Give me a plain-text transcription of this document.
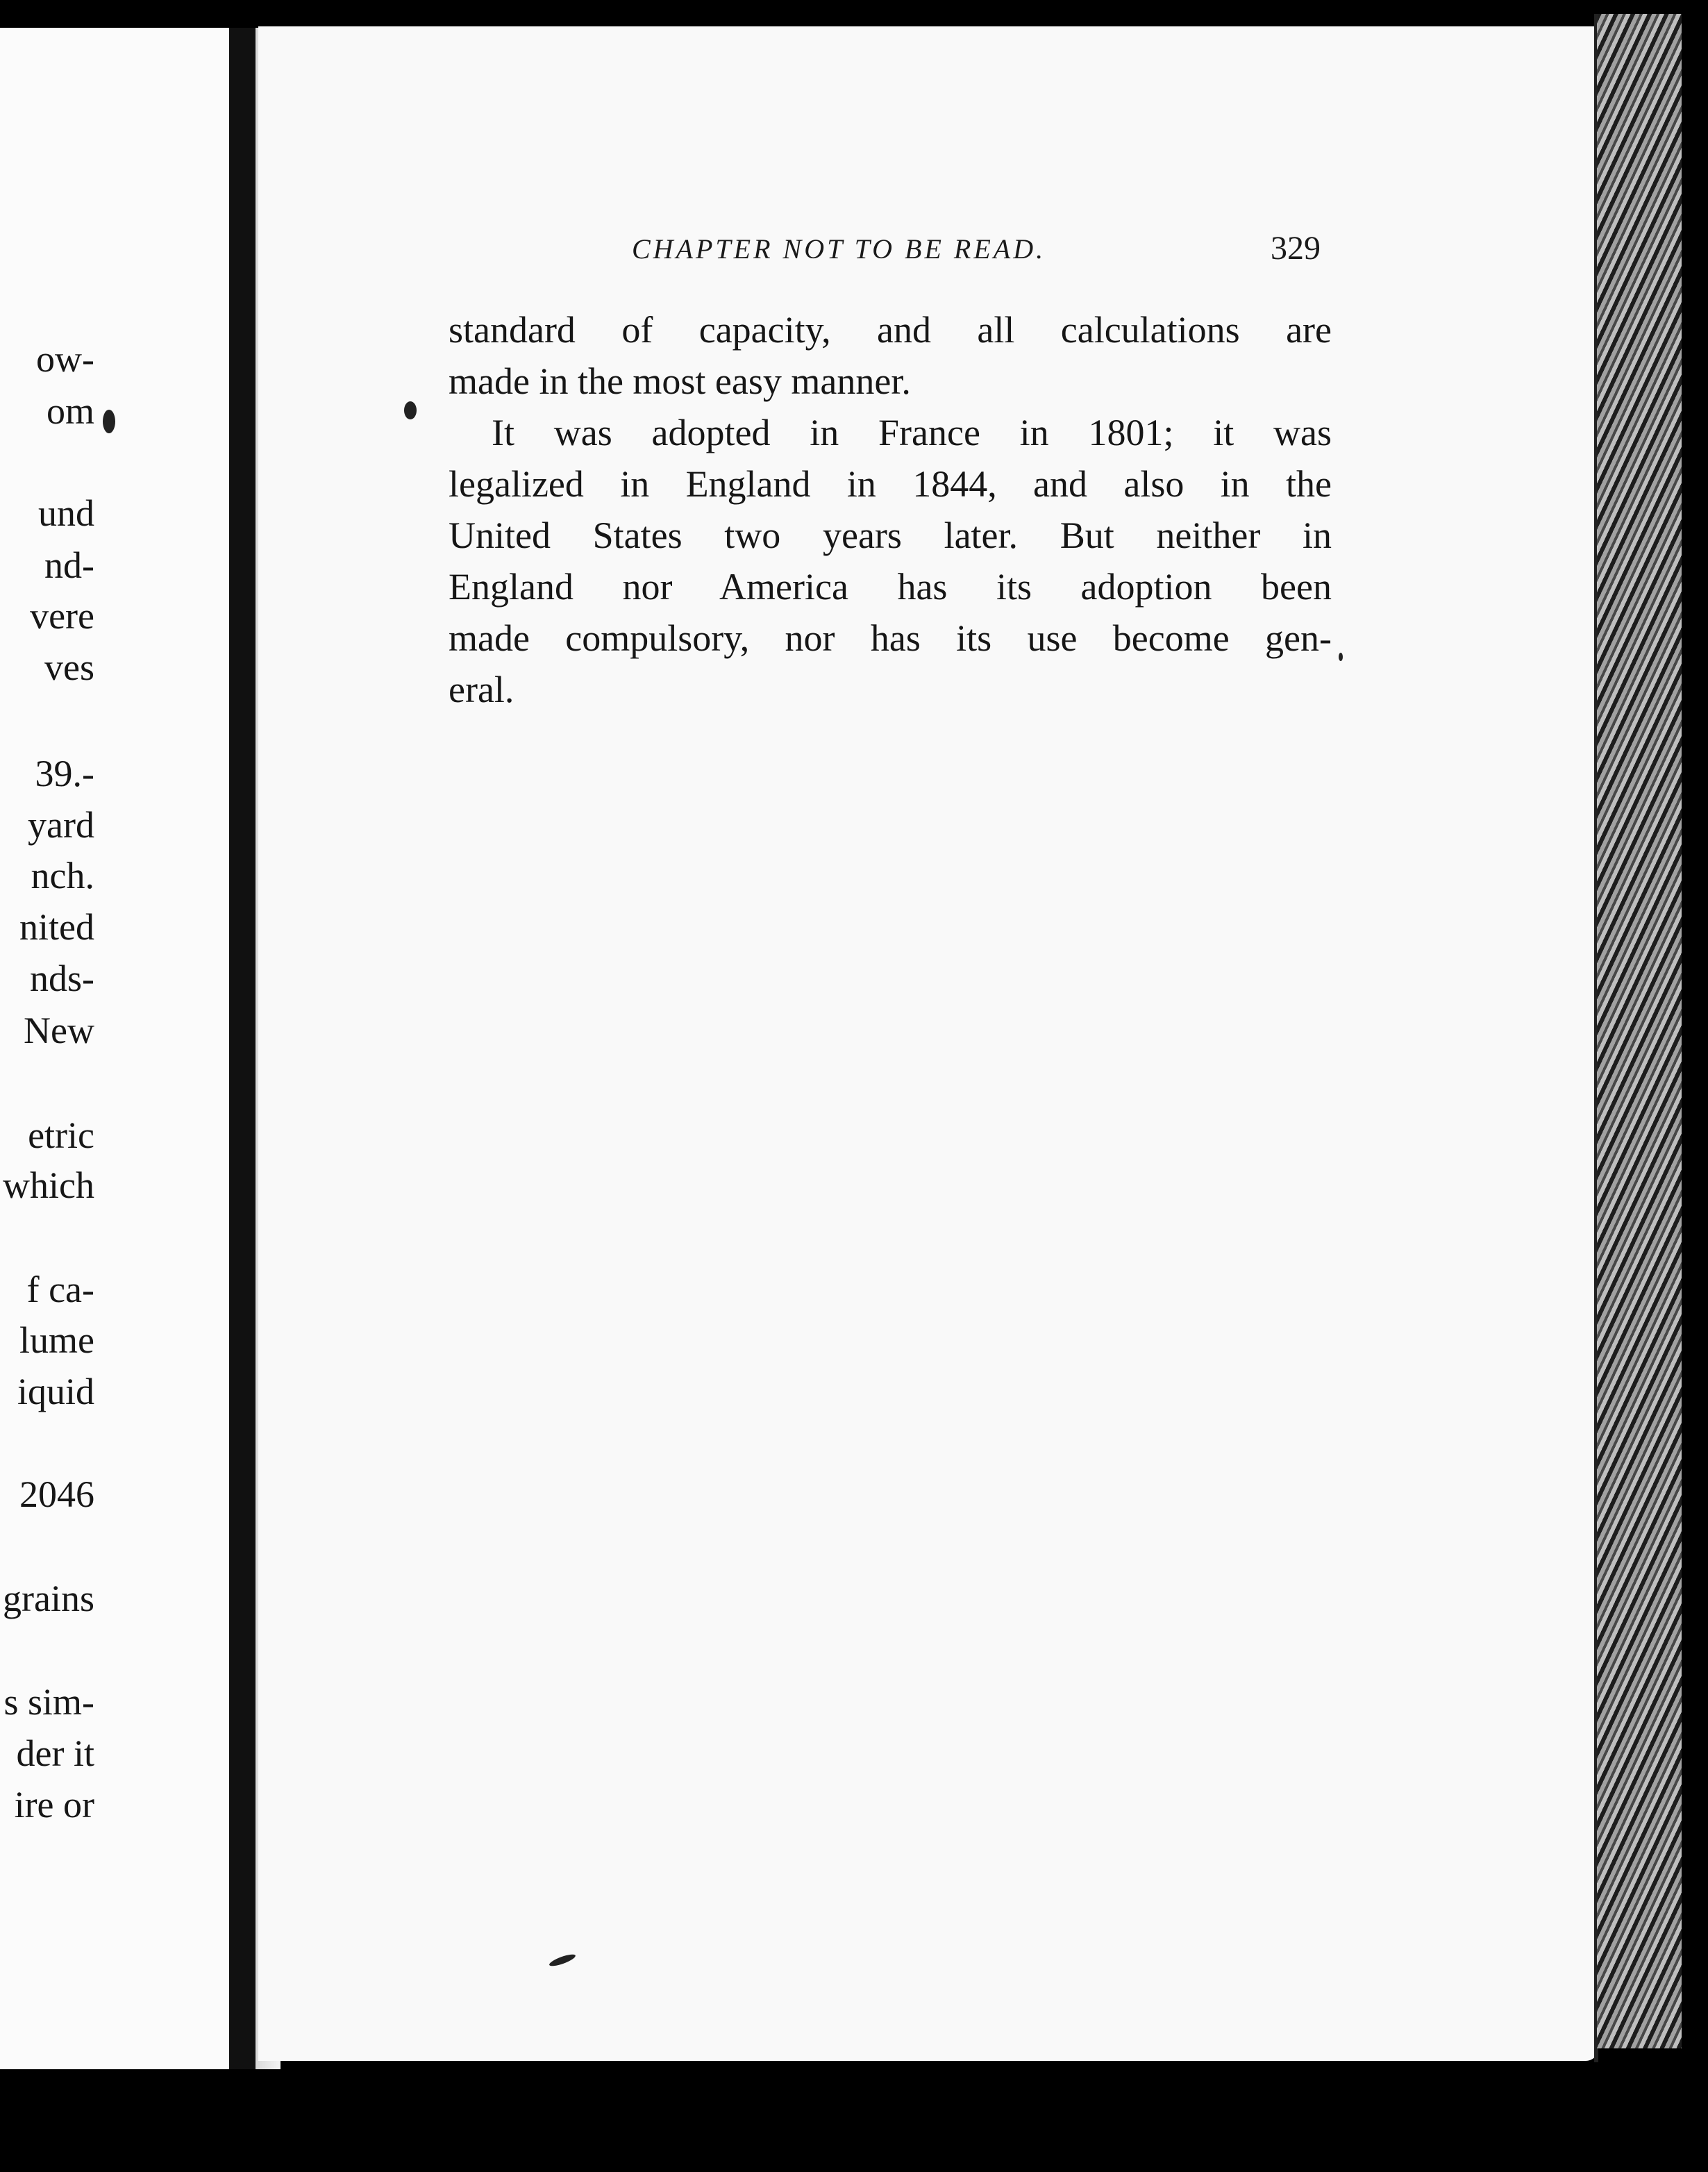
ow-
om
und
nd-
vere
ves
39.-
yard
nch.
nited
nds-
New
etric
which
f ca-
lume
iquid
2046
grains
s sim-
der it
ire or
CHAPTER NOT TO BE READ.	329
standard of capacity, and all calculations are
made in the most easy manner.
It was adopted in France in 1801; it was
legalized in England in 1844, and also in the
United States two years later. But neither in
England nor America has its adoption been
made compulsory, nor has its use become gen-
eral.
